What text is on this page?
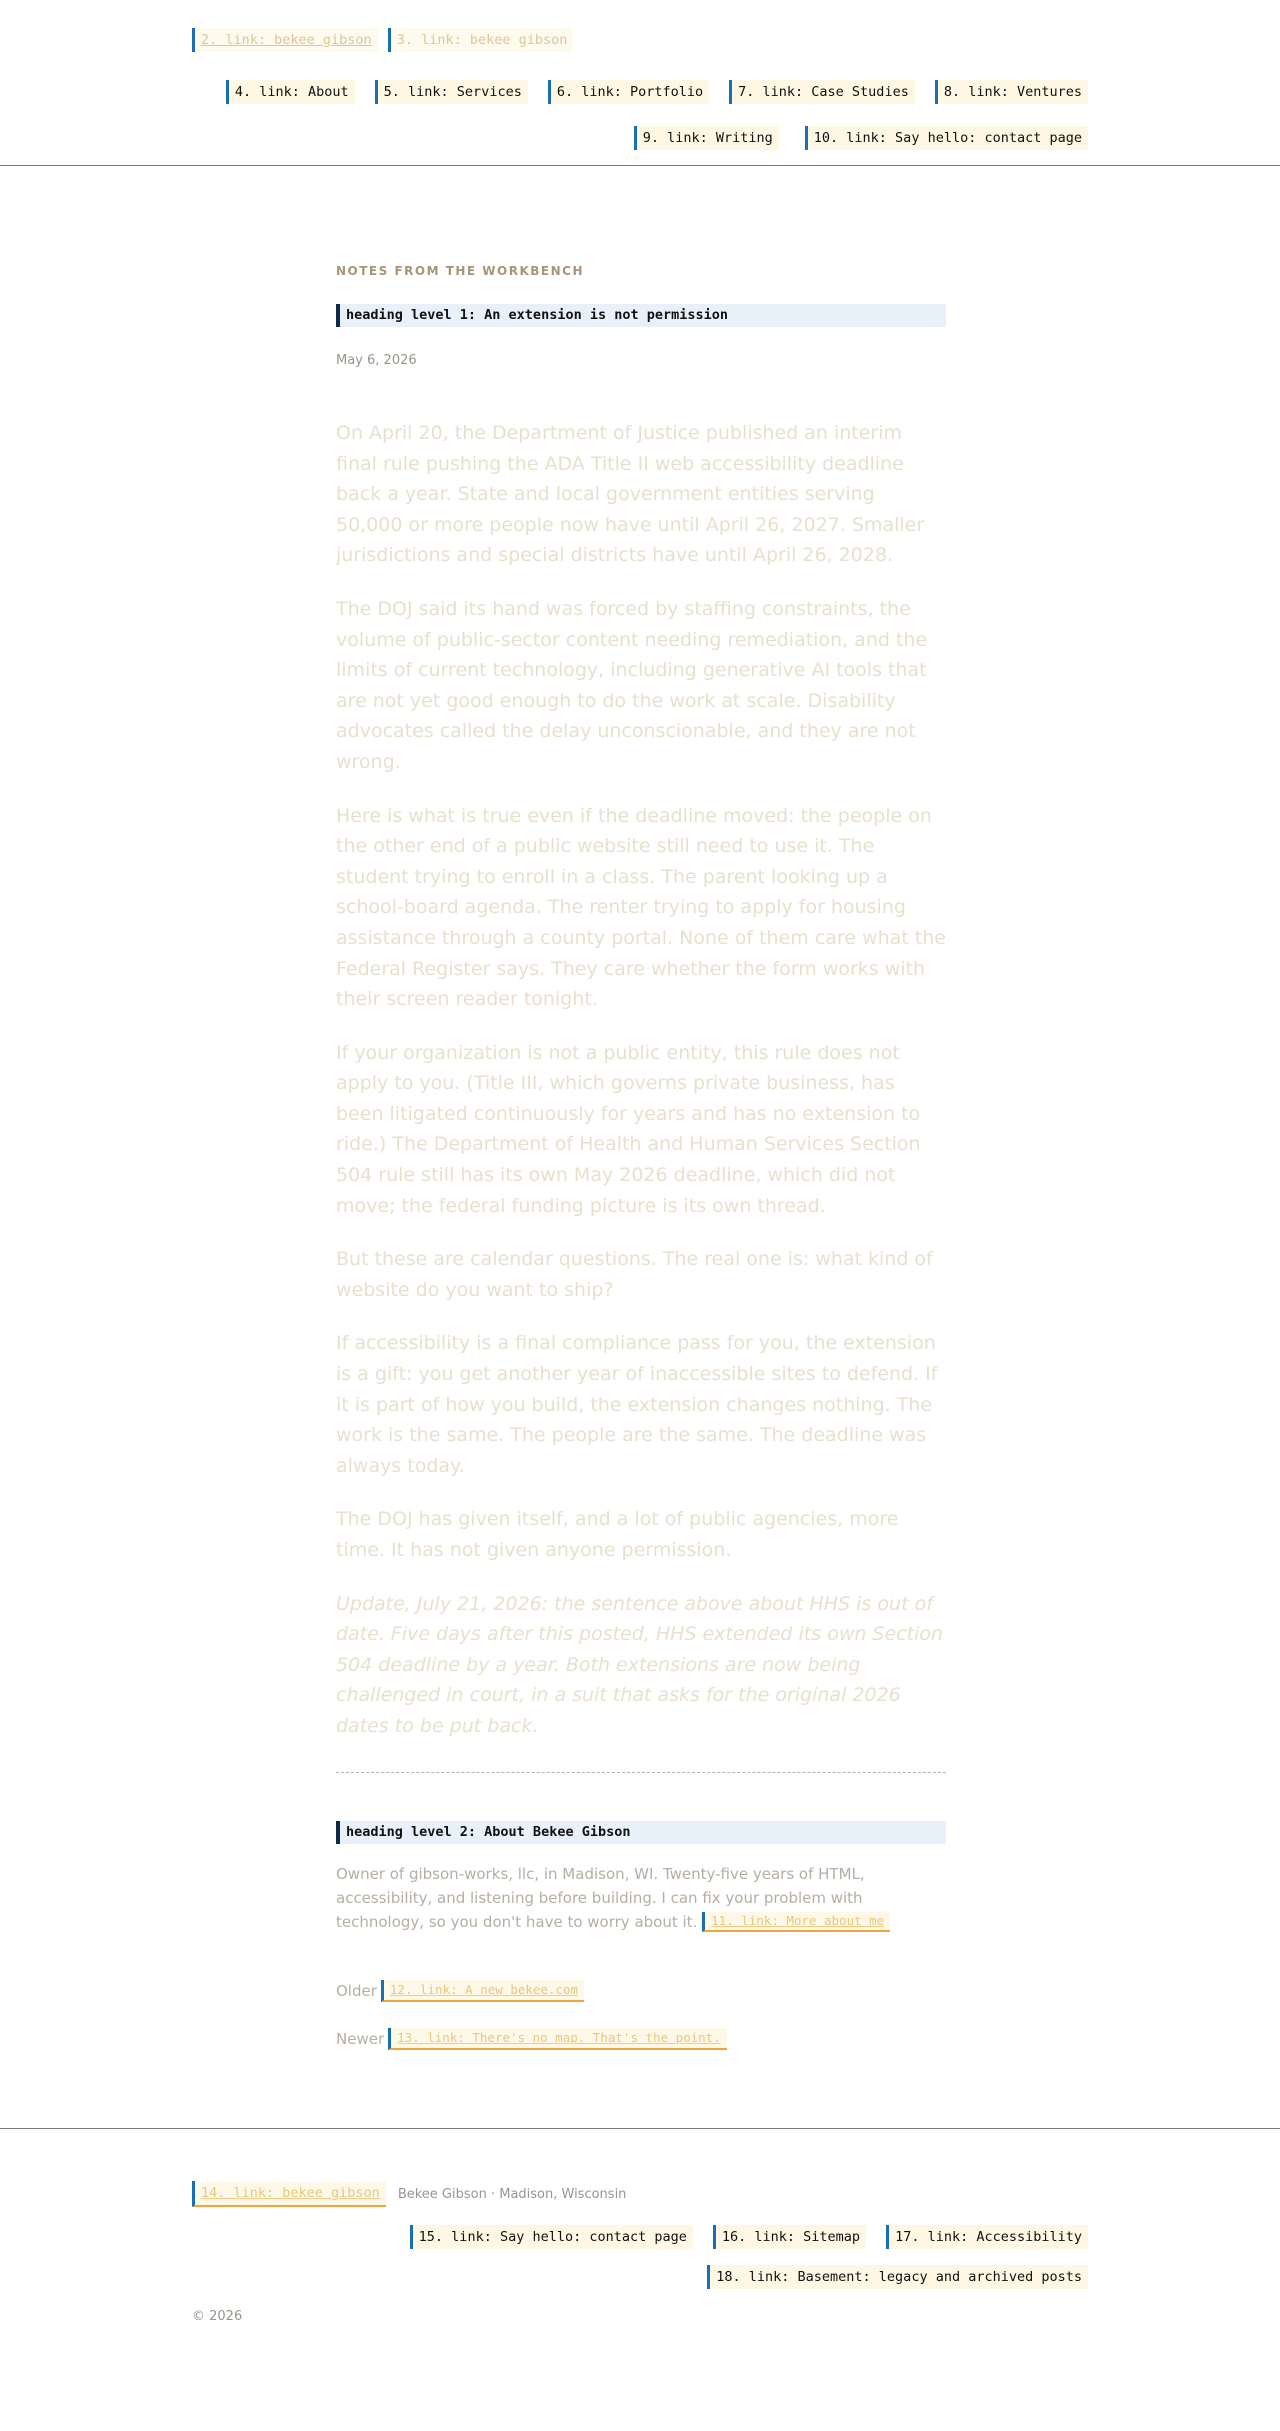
2. link: bekee gibson	3. link: bekee gibson
4. link: About	5. link: Services	6. link: Portfolio	7. link: Case Studies	8. link: Ventures
9. link: Writing	10. link: Say hello: contact page
NOTES FROM THE WORKBENCH
heading level 1: An extension is not permission
May 6, 2026

On April 20, the Department of Justice published an interim final rule pushing the ADA Title II web accessibility deadline back a year. State and local government entities serving 50,000 or more people now have until April 26, 2027. Smaller jurisdictions and special districts have until April 26, 2028.

The DOJ said its hand was forced by staffing constraints, the volume of public-sector content needing remediation, and the limits of current technology, including generative AI tools that are not yet good enough to do the work at scale. Disability advocates called the delay unconscionable, and they are not wrong.

Here is what is true even if the deadline moved: the people on the other end of a public website still need to use it. The student trying to enroll in a class. The parent looking up a school-board agenda. The renter trying to apply for housing assistance through a county portal. None of them care what the Federal Register says. They care whether the form works with their screen reader tonight.

If your organization is not a public entity, this rule does not apply to you. (Title III, which governs private business, has been litigated continuously for years and has no extension to ride.) The Department of Health and Human Services Section 504 rule still has its own May 2026 deadline, which did not move; the federal funding picture is its own thread.

But these are calendar questions. The real one is: what kind of website do you want to ship?

If accessibility is a final compliance pass for you, the extension is a gift: you get another year of inaccessible sites to defend. If it is part of how you build, the extension changes nothing. The work is the same. The people are the same. The deadline was always today.

The DOJ has given itself, and a lot of public agencies, more time. It has not given anyone permission.

Update, July 21, 2026: the sentence above about HHS is out of date. Five days after this posted, HHS extended its own Section 504 deadline by a year. Both extensions are now being challenged in court, in a suit that asks for the original 2026 dates to be put back.

heading level 2: About Bekee Gibson

Owner of gibson-works, llc, in Madison, WI. Twenty-five years of HTML, accessibility, and listening before building. I can fix your problem with technology, so you don't have to worry about it. 11. link: More about me

Older	12. link: A new bekee.com
Newer	13. link: There's no map. That's the point.
14. link: bekee gibson	Bekee Gibson · Madison, Wisconsin
15. link: Say hello: contact page	16. link: Sitemap	17. link: Accessibility
18. link: Basement: legacy and archived posts
© 2026
